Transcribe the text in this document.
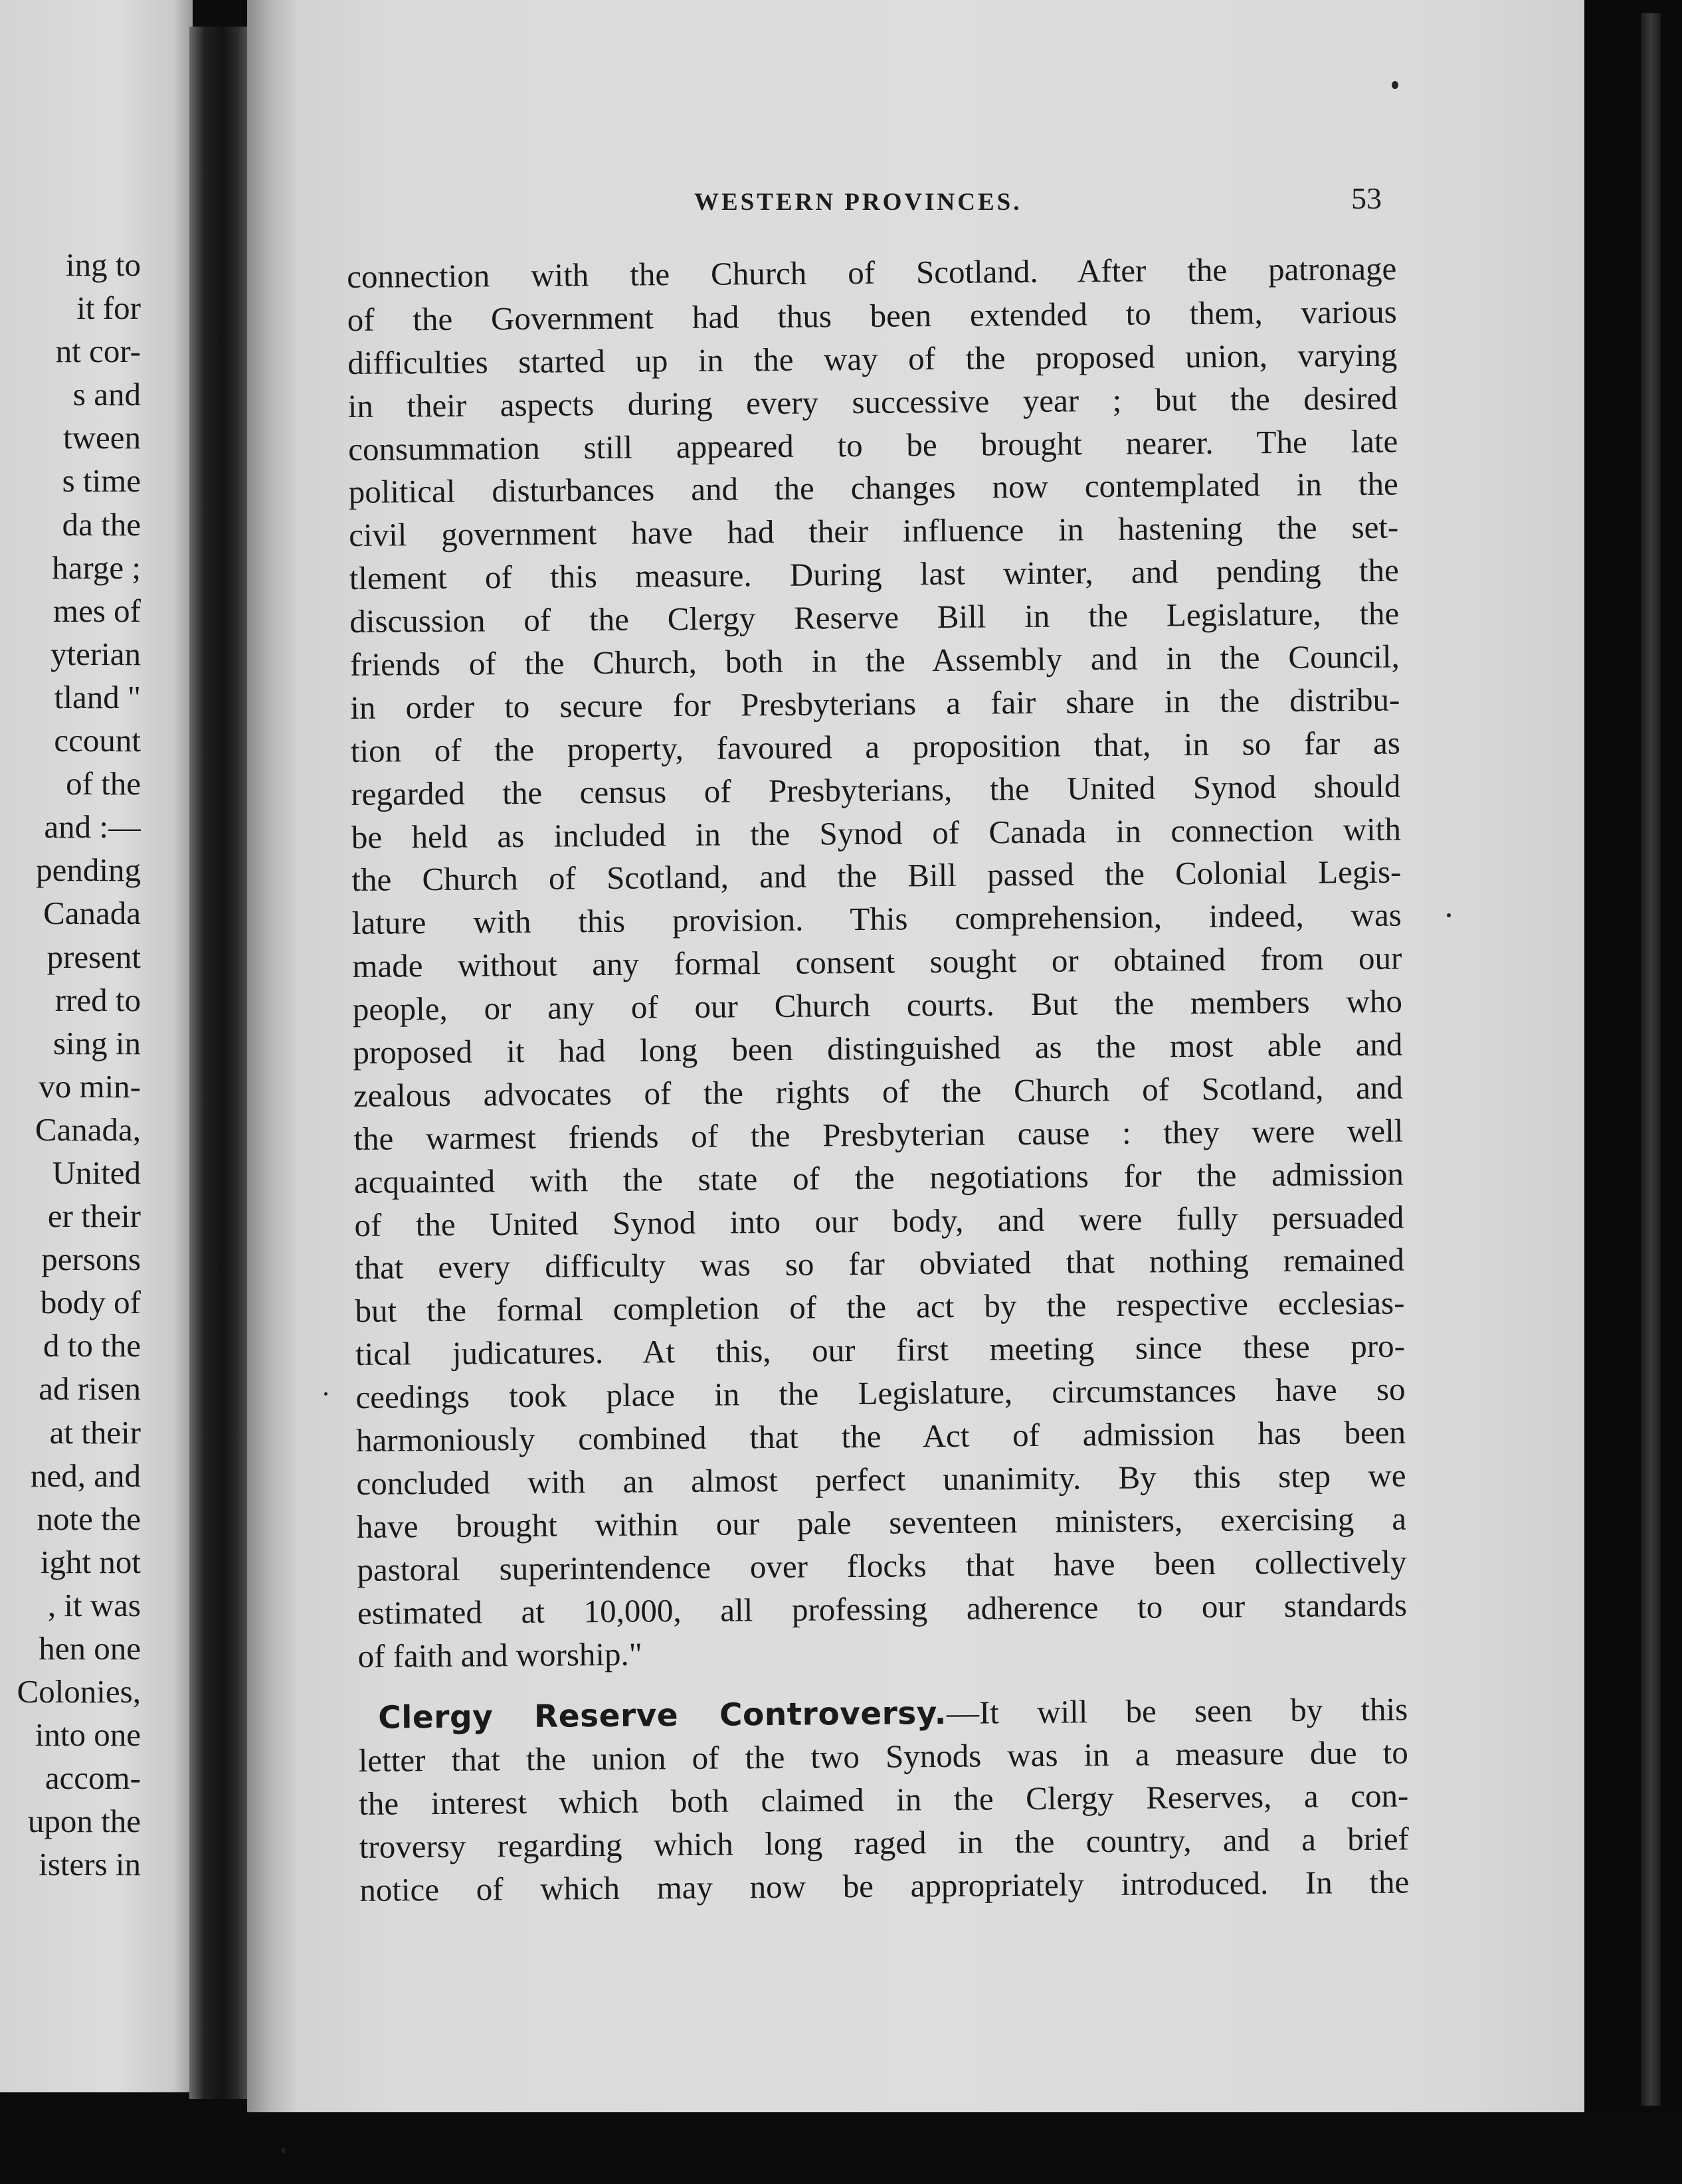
ing to
it for
nt cor-
s and
tween
s time
da the
harge ;
mes of
yterian
tland "
ccount
of the
and :—
pending
Canada
present
rred to
sing in
vo min-
Canada,
United
er their
persons
body of
d to the
ad risen
at their
ned, and
note the
ight not
, it was
hen one
Colonies,
into one
accom-
upon the
isters in
WESTERN PROVINCES.	53
connection with the Church of Scotland. After the patronage
of the Government had thus been extended to them, various
difficulties started up in the way of the proposed union, varying
in their aspects during every successive year ; but the desired
consummation still appeared to be brought nearer. The late
political disturbances and the changes now contemplated in the
civil government have had their influence in hastening the set-
tlement of this measure. During last winter, and pending the
discussion of the Clergy Reserve Bill in the Legislature, the
friends of the Church, both in the Assembly and in the Council,
in order to secure for Presbyterians a fair share in the distribu-
tion of the property, favoured a proposition that, in so far as
regarded the census of Presbyterians, the United Synod should
be held as included in the Synod of Canada in connection with
the Church of Scotland, and the Bill passed the Colonial Legis-
lature with this provision. This comprehension, indeed, was
made without any formal consent sought or obtained from our
people, or any of our Church courts. But the members who
proposed it had long been distinguished as the most able and
zealous advocates of the rights of the Church of Scotland, and
the warmest friends of the Presbyterian cause : they were well
acquainted with the state of the negotiations for the admission
of the United Synod into our body, and were fully persuaded
that every difficulty was so far obviated that nothing remained
but the formal completion of the act by the respective ecclesias-
tical judicatures. At this, our first meeting since these pro-
ceedings took place in the Legislature, circumstances have so
harmoniously combined that the Act of admission has been
concluded with an almost perfect unanimity. By this step we
have brought within our pale seventeen ministers, exercising a
pastoral superintendence over flocks that have been collectively
estimated at 10,000, all professing adherence to our standards
of faith and worship."
Clergy Reserve Controversy.—It will be seen by this
letter that the union of the two Synods was in a measure due to
the interest which both claimed in the Clergy Reserves, a con-
troversy regarding which long raged in the country, and a brief
notice of which may now be appropriately introduced. In the
